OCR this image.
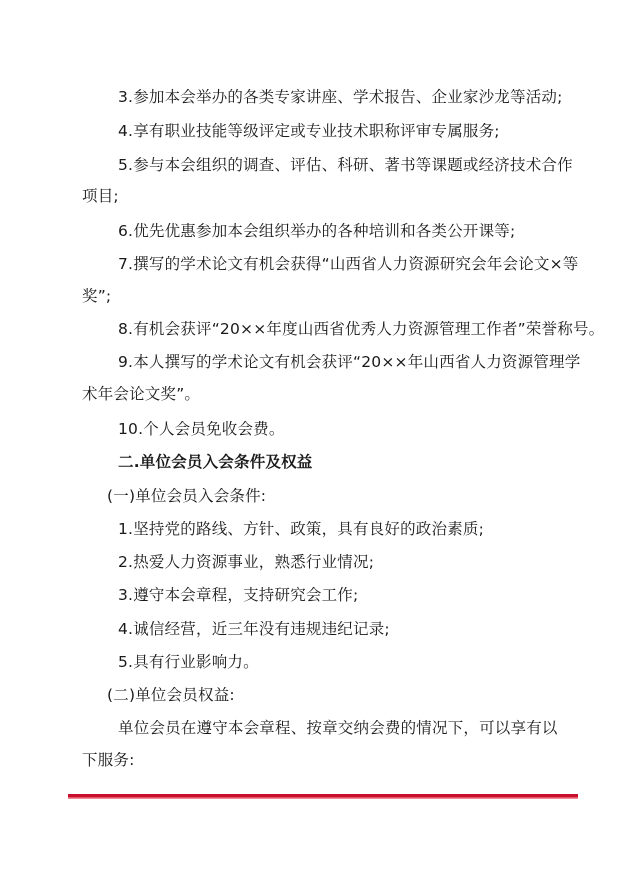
3.参加本会举办的各类专家讲座、学术报告、企业家沙龙等活动;
4.享有职业技能等级评定或专业技术职称评审专属服务;
5.参与本会组织的调查、评估、科研、著书等课题或经济技术合作
项目;
6.优先优惠参加本会组织举办的各种培训和各类公开课等;
7.撰写的学术论文有机会获得“山西省人力资源研究会年会论文×等
奖”;
8.有机会获评“20××年度山西省优秀人力资源管理工作者”荣誉称号。
9.本人撰写的学术论文有机会获评“20××年山西省人力资源管理学
术年会论文奖”。
10.个人会员免收会费。
二.单位会员入会条件及权益
(一)单位会员入会条件:
1.坚持党的路线、方针、政策，具有良好的政治素质;
2.热爱人力资源事业，熟悉行业情况;
3.遵守本会章程，支持研究会工作;
4.诚信经营，近三年没有违规违纪记录;
5.具有行业影响力。
(二)单位会员权益:
单位会员在遵守本会章程、按章交纳会费的情况下，可以享有以
下服务:
